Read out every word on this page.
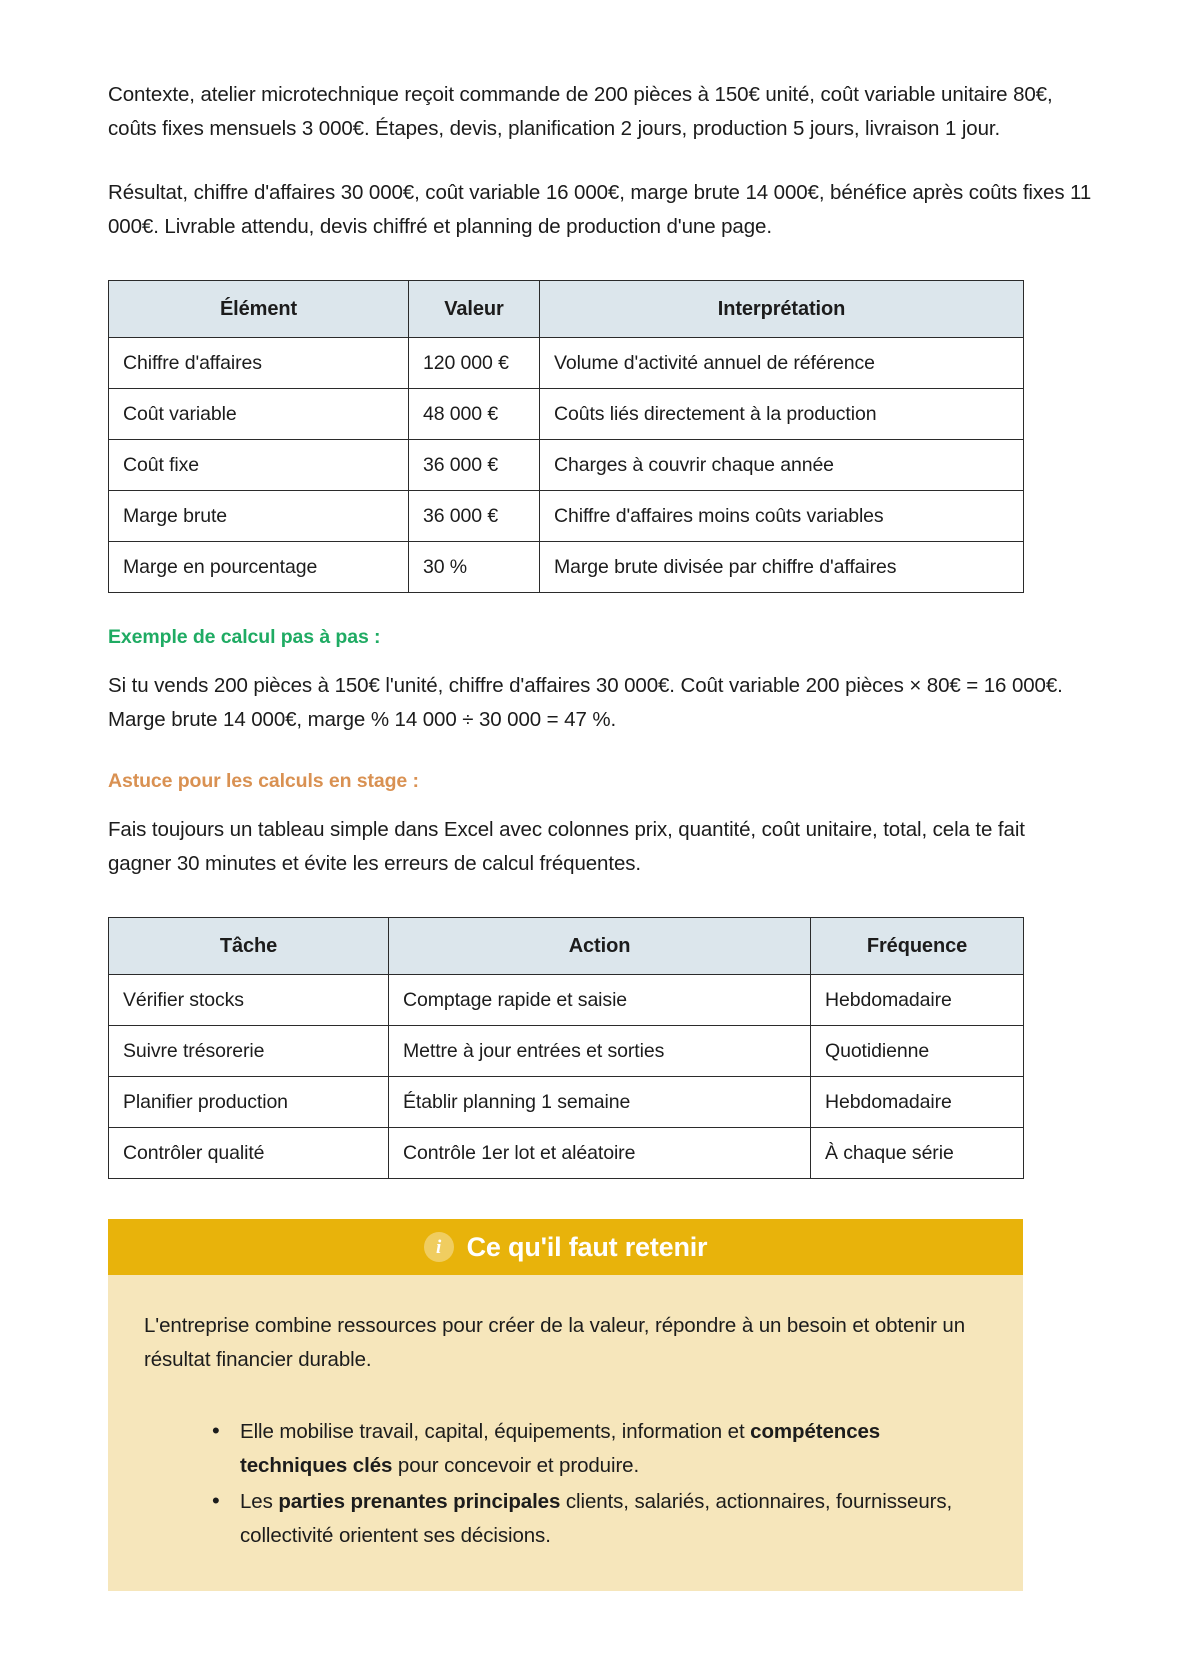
Contexte, atelier microtechnique reçoit commande de 200 pièces à 150€ unité, coût variable unitaire 80€, coûts fixes mensuels 3 000€. Étapes, devis, planification 2 jours, production 5 jours, livraison 1 jour.

Résultat, chiffre d'affaires 30 000€, coût variable 16 000€, marge brute 14 000€, bénéfice après coûts fixes 11 000€. Livrable attendu, devis chiffré et planning de production d'une page.

Élément	Valeur	Interprétation
Chiffre d'affaires	120 000 €	Volume d'activité annuel de référence
Coût variable	48 000 €	Coûts liés directement à la production
Coût fixe	36 000 €	Charges à couvrir chaque année
Marge brute	36 000 €	Chiffre d'affaires moins coûts variables
Marge en pourcentage	30 %	Marge brute divisée par chiffre d'affaires
Exemple de calcul pas à pas :

Si tu vends 200 pièces à 150€ l'unité, chiffre d'affaires 30 000€. Coût variable 200 pièces × 80€ = 16 000€. Marge brute 14 000€, marge % 14 000 ÷ 30 000 = 47 %.

Astuce pour les calculs en stage :

Fais toujours un tableau simple dans Excel avec colonnes prix, quantité, coût unitaire, total, cela te fait gagner 30 minutes et évite les erreurs de calcul fréquentes.

Tâche	Action	Fréquence
Vérifier stocks	Comptage rapide et saisie	Hebdomadaire
Suivre trésorerie	Mettre à jour entrées et sorties	Quotidienne
Planifier production	Établir planning 1 semaine	Hebdomadaire
Contrôler qualité	Contrôle 1er lot et aléatoire	À chaque série
i Ce qu'il faut retenir

L'entreprise combine ressources pour créer de la valeur, répondre à un besoin et obtenir un résultat financier durable.

• Elle mobilise travail, capital, équipements, information et compétences techniques clés pour concevoir et produire.
• Les parties prenantes principales clients, salariés, actionnaires, fournisseurs, collectivité orientent ses décisions.
